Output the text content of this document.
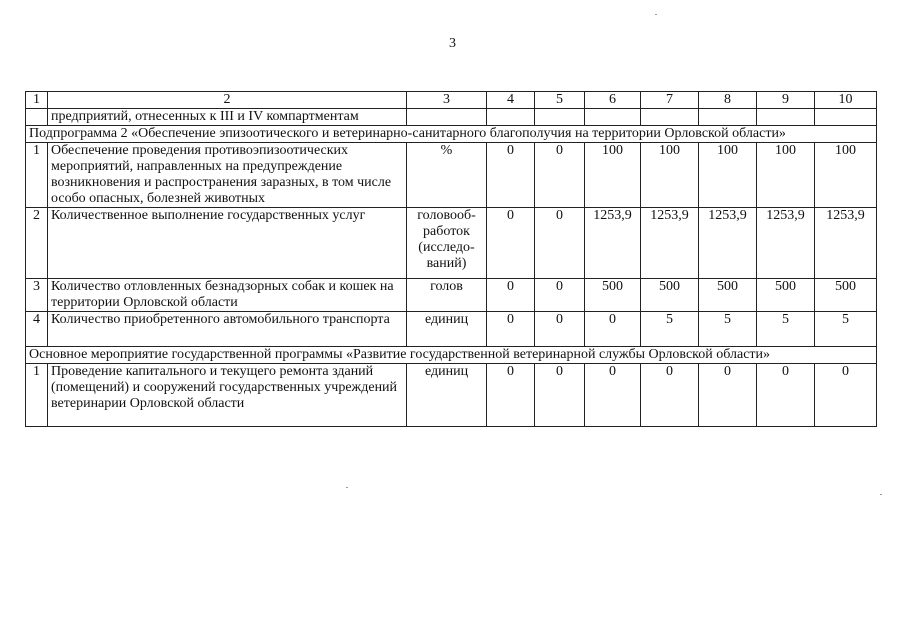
3
1	2	3	4	5	6	7	8	9	10
	предприятий, отнесенных к III и IV компартментам								
Подпрограмма 2 «Обеспечение эпизоотического и ветеринарно-санитарного благополучия на территории Орловской области»									
1	Обеспечение проведения противоэпизоотических мероприятий, направленных на предупреждение возникновения и распространения заразных, в том числе особо опасных, болезней животных	%	0	0	100	100	100	100	100
2	Количественное выполнение государственных услуг	головооб-работок (исследо-ваний)	0	0	1253,9	1253,9	1253,9	1253,9	1253,9
3	Количество отловленных безнадзорных собак и кошек на территории Орловской области	голов	0	0	500	500	500	500	500
4	Количество приобретенного автомобильного транспорта	единиц	0	0	0	5	5	5	5
Основное мероприятие государственной программы «Развитие государственной ветеринарной службы Орловской области»									
1	Проведение капитального и текущего ремонта зданий (помещений) и сооружений государственных учреждений ветеринарии Орловской области	единиц	0	0	0	0	0	0	0
